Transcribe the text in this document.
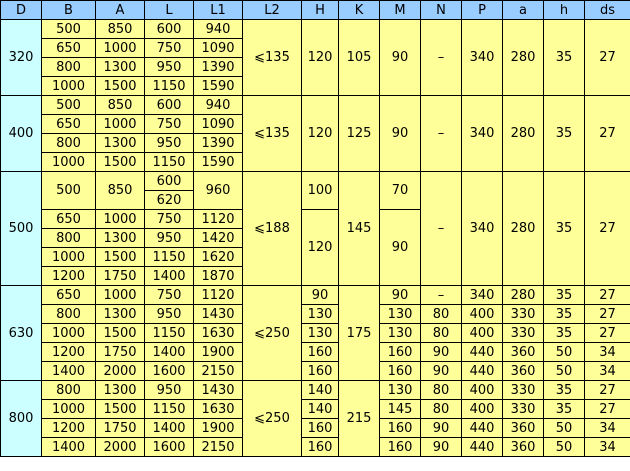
D	B	A	L	L1	L2	H	K	M	N	P	a	h	ds
320	500	850	600	940	⩽135	120	105	90	–	340	280	35	27
	650	1000	750	1090									
	800	1300	950	1390									
	1000	1500	1150	1590									
400	500	850	600	940	⩽135	120	125	90	–	340	280	35	27
	650	1000	750	1090									
	800	1300	950	1390									
	1000	1500	1150	1590									
500	500	850	600	960	⩽188	100	145	70	–	340	280	35	27
			620										
	650	1000	750	1120		120		90					
	800	1300	950	1420									
	1000	1500	1150	1620									
	1200	1750	1400	1870									
630	650	1000	750	1120	⩽250	90	175	90	–	340	280	35	27
	800	1300	950	1430		130		130	80	400	330	35	27
	1000	1500	1150	1630		130		130	80	400	330	35	27
	1200	1750	1400	1900		160		160	90	440	360	50	34
	1400	2000	1600	2150		160		160	90	440	360	50	34
800	800	1300	950	1430	⩽250	140	215	130	80	400	330	35	27
	1000	1500	1150	1630		140		145	80	400	330	35	27
	1200	1750	1400	1900		160		160	90	440	360	50	34
	1400	2000	1600	2150		160		160	90	440	360	50	34
